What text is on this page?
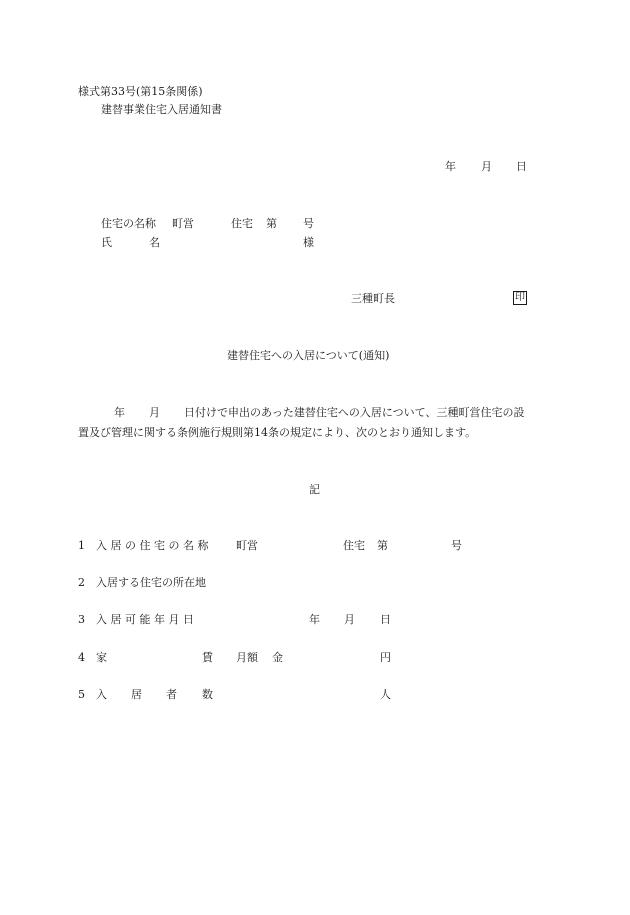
様式第33号(第15条関係)
建替事業住宅入居通知書
年 月 日
住宅の名称 町営	住宅 第 号
氏	名	様
三種町長	印
建替住宅への入居について(通知)
年 月 日付けで申出のあった建替住宅への入居について、三種町営住宅の設
置及び管理に関する条例施行規則第14条の規定により、次のとおり通知します。
記
1 入 居 の 住 宅 の 名 称	町営	住宅 第	号
2 入居する住宅の所在地
3 入 居 可 能 年 月 日	年 月 日
4 家	賃 月額 金	円
5 入 居 者 数	人
